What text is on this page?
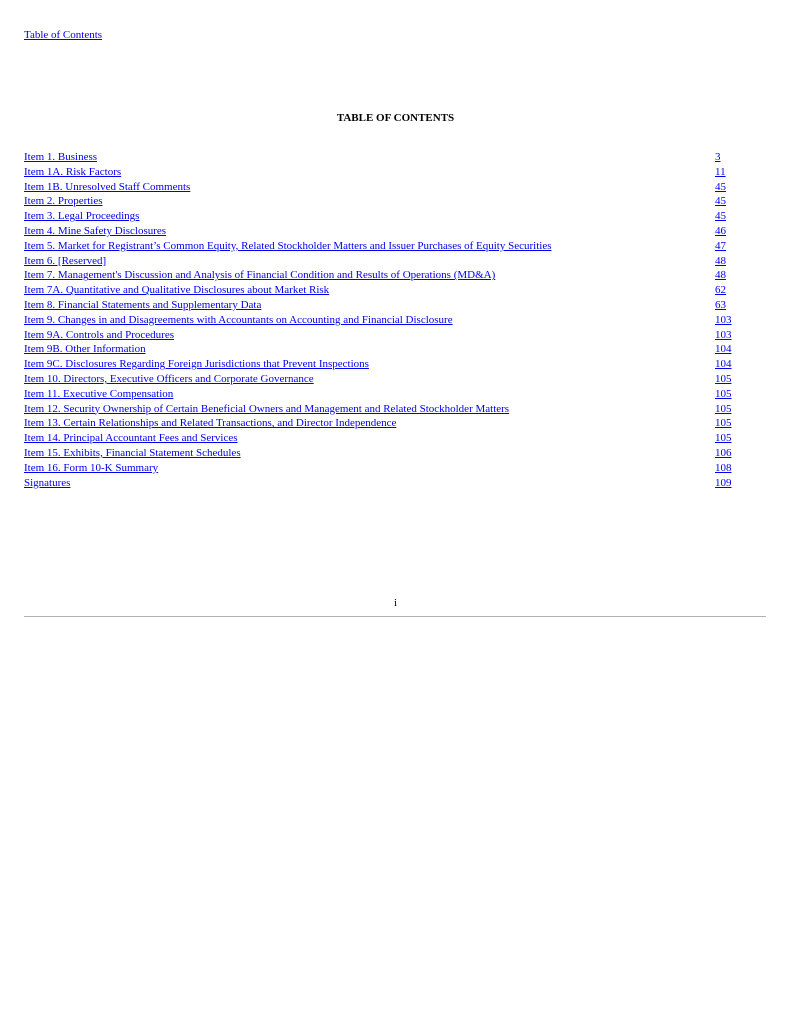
Table of Contents
TABLE OF CONTENTS
Item 1. Business	3
Item 1A. Risk Factors	11
Item 1B. Unresolved Staff Comments	45
Item 2. Properties	45
Item 3. Legal Proceedings	45
Item 4. Mine Safety Disclosures	46
Item 5. Market for Registrant’s Common Equity, Related Stockholder Matters and Issuer Purchases of Equity Securities	47
Item 6. [Reserved]	48
Item 7. Management's Discussion and Analysis of Financial Condition and Results of Operations (MD&A)	48
Item 7A. Quantitative and Qualitative Disclosures about Market Risk	62
Item 8. Financial Statements and Supplementary Data	63
Item 9. Changes in and Disagreements with Accountants on Accounting and Financial Disclosure	103
Item 9A. Controls and Procedures	103
Item 9B. Other Information	104
Item 9C. Disclosures Regarding Foreign Jurisdictions that Prevent Inspections	104
Item 10. Directors, Executive Officers and Corporate Governance	105
Item 11. Executive Compensation	105
Item 12. Security Ownership of Certain Beneficial Owners and Management and Related Stockholder Matters	105
Item 13. Certain Relationships and Related Transactions, and Director Independence	105
Item 14. Principal Accountant Fees and Services	105
Item 15. Exhibits, Financial Statement Schedules	106
Item 16. Form 10-K Summary	108
Signatures	109
i
